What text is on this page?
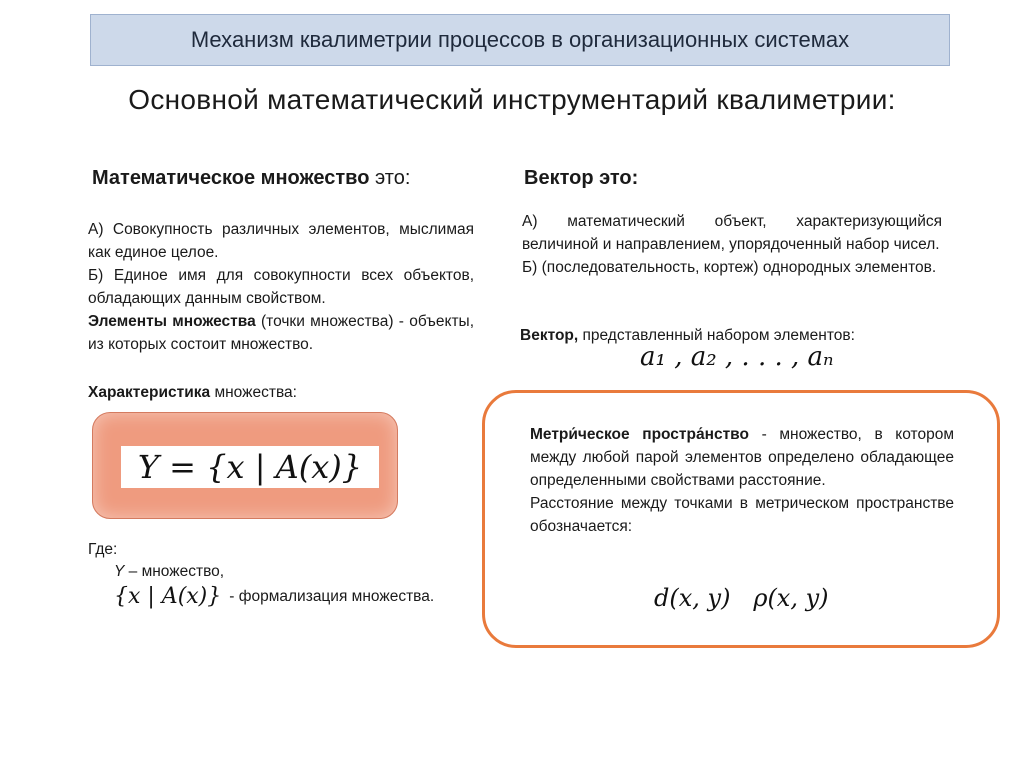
Механизм квалиметрии процессов в организационных системах
Основной математический инструментарий квалиметрии:
Математическое множество это:
А) Совокупность различных элементов, мыслимая как единое целое.
Б) Единое имя для совокупности всех объектов, обладающих данным свойством.
Элементы множества (точки множества) - объекты, из которых состоит множество.
Характеристика множества:
Y = {x | A(x)}
Где:
Y – множество,
{x | A(x)} - формализация множества.
Вектор это:
А) математический объект, характеризующийся величиной и направлением, упорядоченный набор чисел.
Б) (последовательность, кортеж) однородных элементов.
Вектор, представленный набором элементов:
a₁ , a₂ , . . . , aₙ
Метри́ческое простра́нство - множество, в котором между любой парой элементов определено обладающее определенными свойствами расстояние.
Расстояние между точками в метрическом пространстве обозначается:
d(x, y)   ρ(x, y)
